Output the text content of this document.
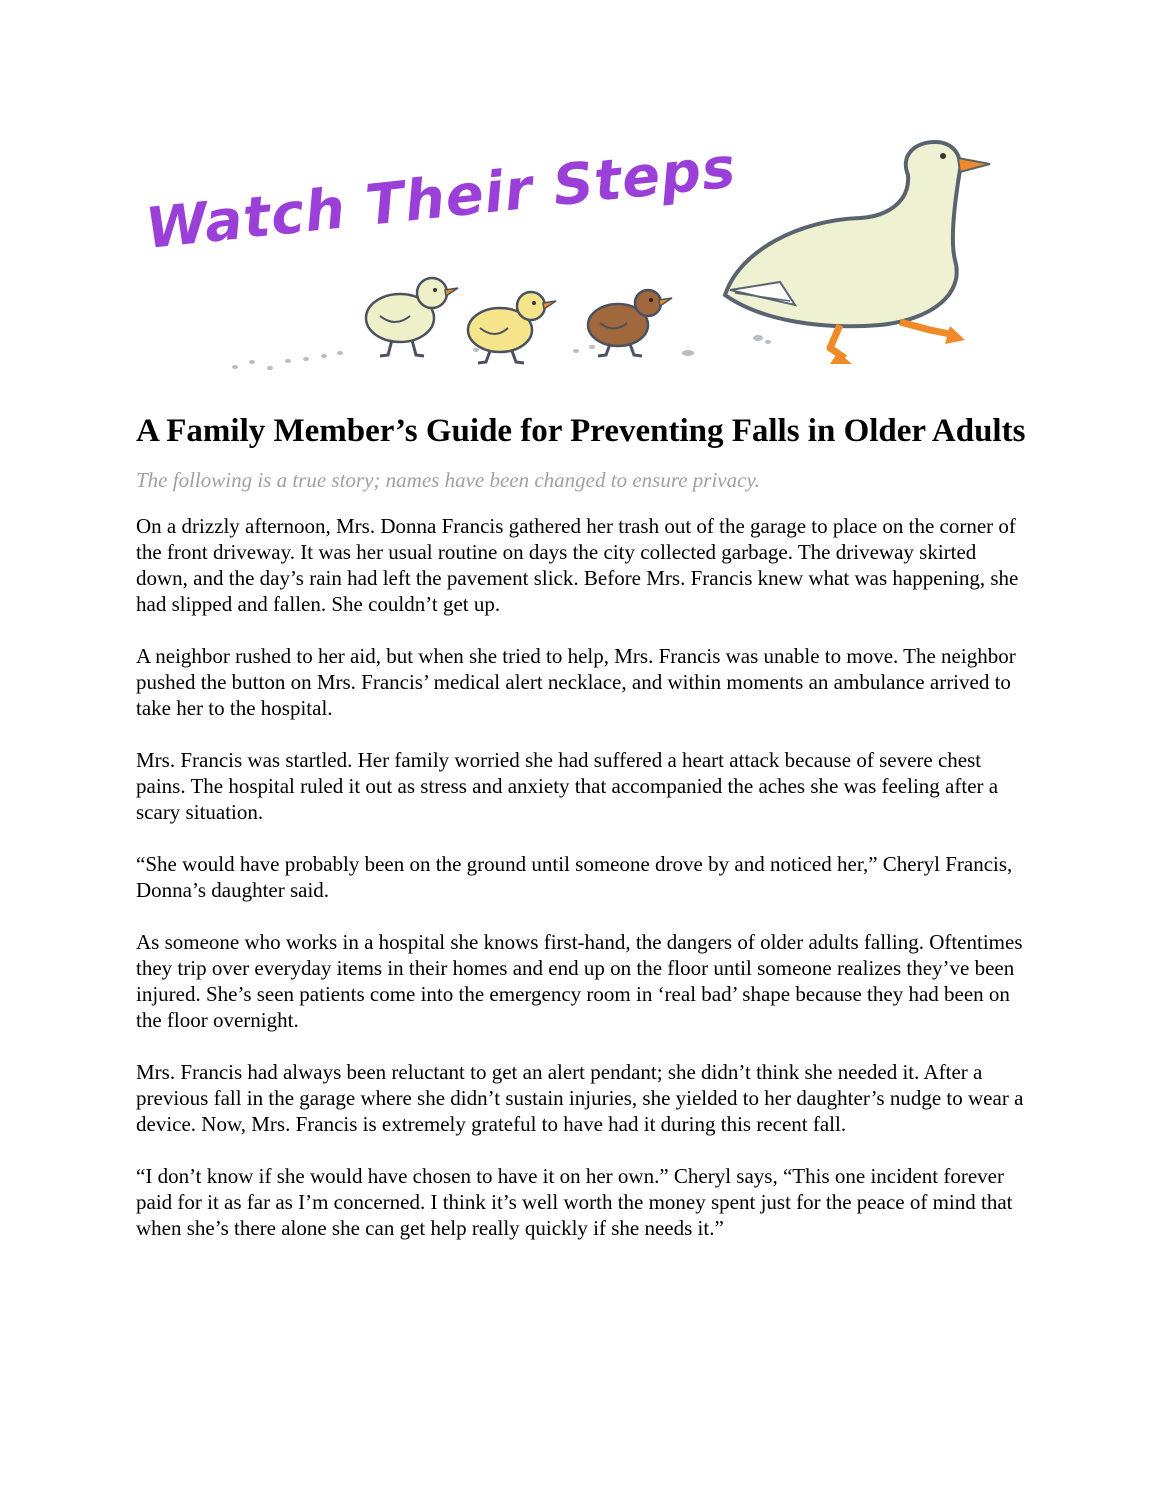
Watch Their Steps
A Family Member’s Guide for Preventing Falls in Older Adults

The following is a true story; names have been changed to ensure privacy.

On a drizzly afternoon, Mrs. Donna Francis gathered her trash out of the garage to place on the corner of the front driveway. It was her usual routine on days the city collected garbage. The driveway skirted down, and the day’s rain had left the pavement slick. Before Mrs. Francis knew what was happening, she had slipped and fallen. She couldn’t get up.

A neighbor rushed to her aid, but when she tried to help, Mrs. Francis was unable to move. The neighbor pushed the button on Mrs. Francis’ medical alert necklace, and within moments an ambulance arrived to take her to the hospital.

Mrs. Francis was startled. Her family worried she had suffered a heart attack because of severe chest pains. The hospital ruled it out as stress and anxiety that accompanied the aches she was feeling after a scary situation.

“She would have probably been on the ground until someone drove by and noticed her,” Cheryl Francis, Donna’s daughter said.

As someone who works in a hospital she knows first-hand, the dangers of older adults falling. Oftentimes they trip over everyday items in their homes and end up on the floor until someone realizes they’ve been injured. She’s seen patients come into the emergency room in ‘real bad’ shape because they had been on the floor overnight.

Mrs. Francis had always been reluctant to get an alert pendant; she didn’t think she needed it. After a previous fall in the garage where she didn’t sustain injuries, she yielded to her daughter’s nudge to wear a device. Now, Mrs. Francis is extremely grateful to have had it during this recent fall.

“I don’t know if she would have chosen to have it on her own.” Cheryl says, “This one incident forever paid for it as far as I’m concerned. I think it’s well worth the money spent just for the peace of mind that when she’s there alone she can get help really quickly if she needs it.”
